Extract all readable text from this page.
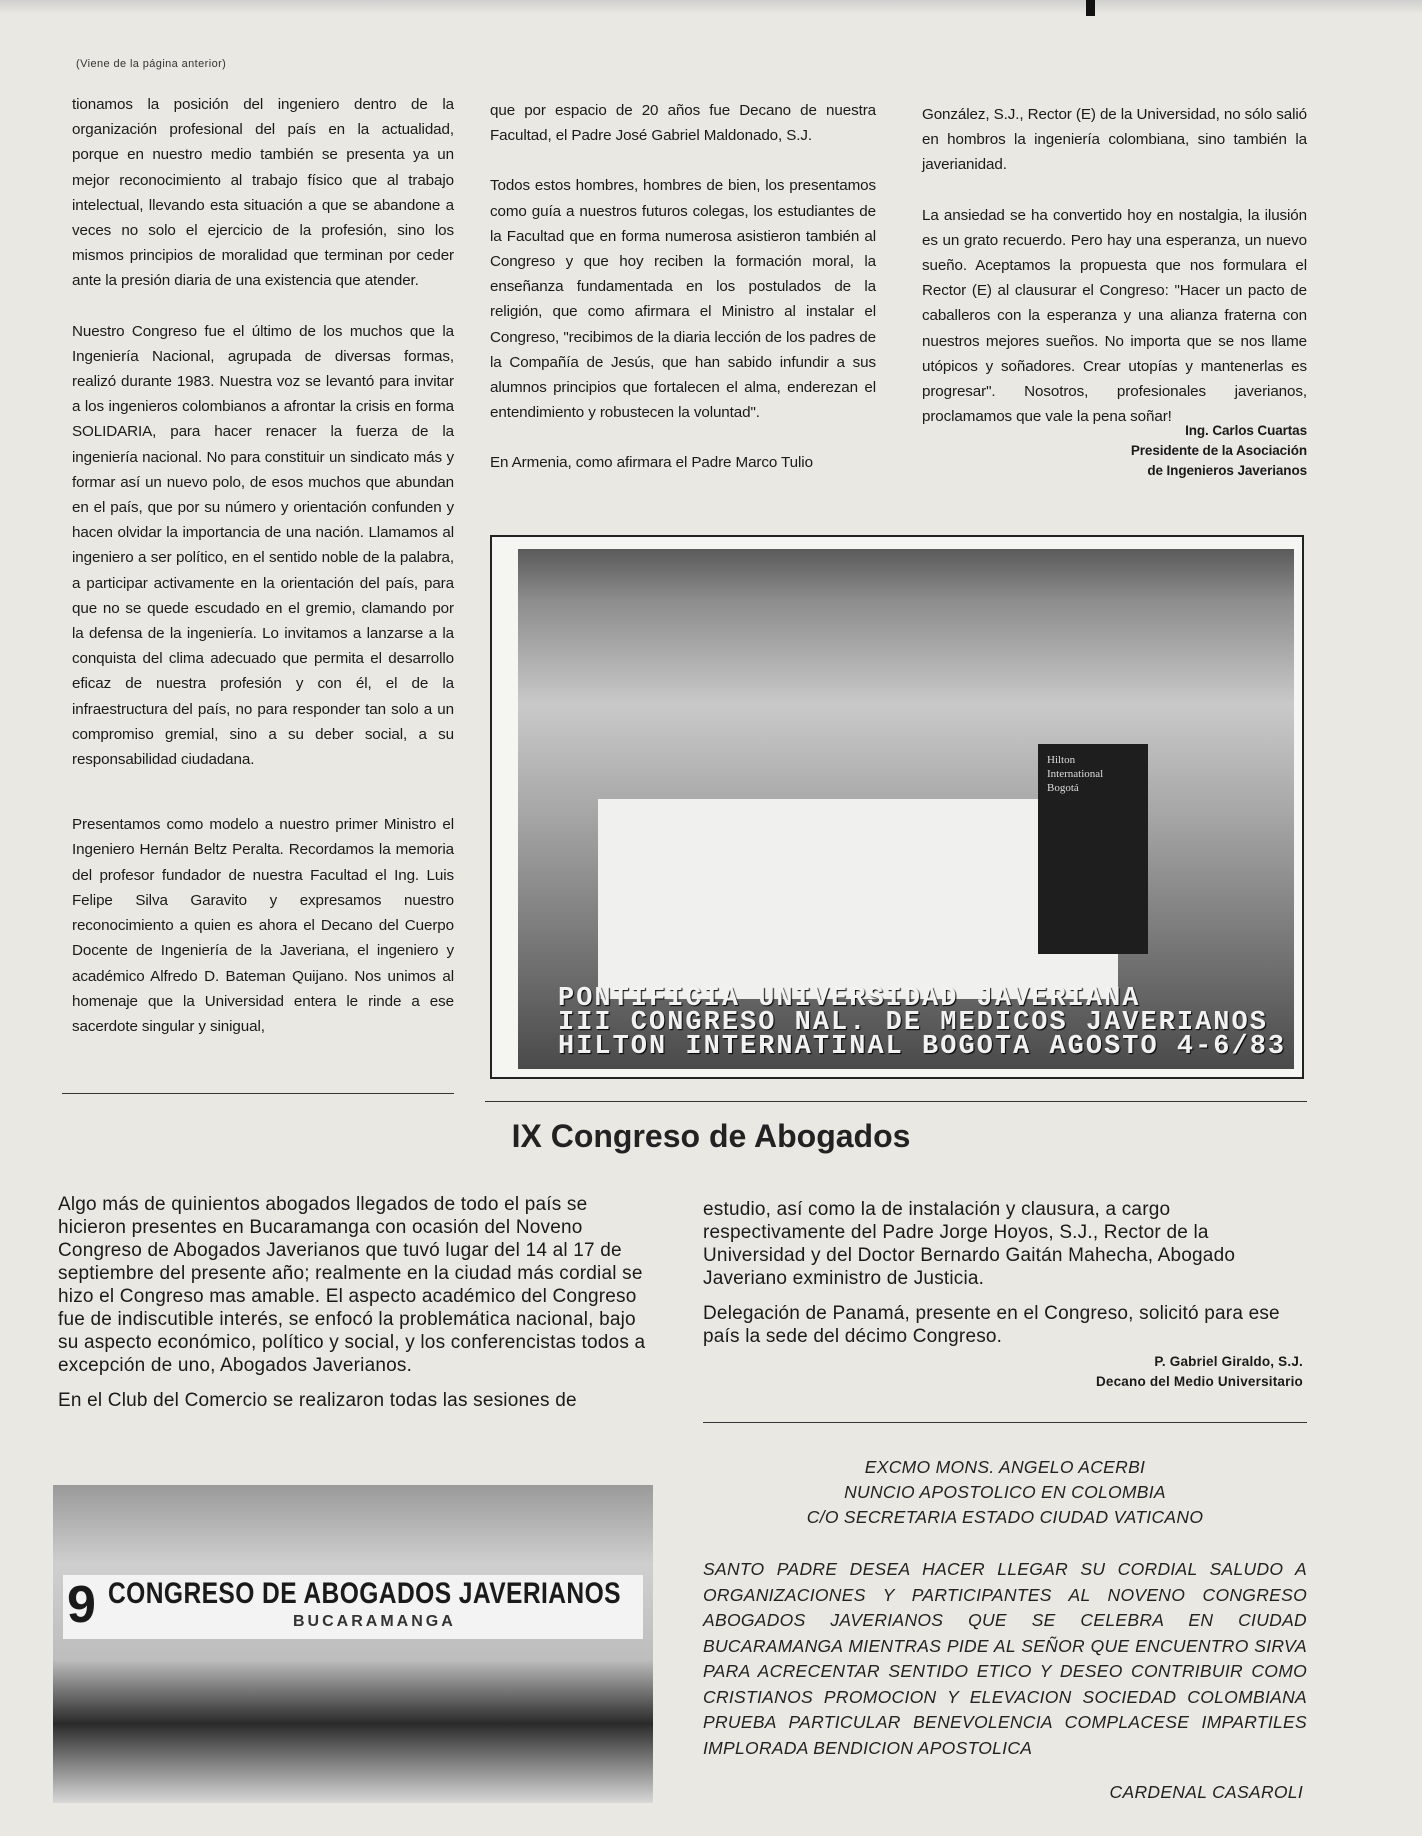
(Viene de la página anterior)

tionamos la posición del ingeniero dentro de la organización profesional del país en la actualidad, porque en nuestro medio también se presenta ya un mejor reconocimiento al trabajo físico que al trabajo intelectual, llevando esta situación a que se abandone a veces no solo el ejercicio de la profesión, sino los mismos principios de moralidad que terminan por ceder ante la presión diaria de una existencia que atender.

Nuestro Congreso fue el último de los muchos que la Ingeniería Nacional, agrupada de diversas formas, realizó durante 1983. Nuestra voz se levantó para invitar a los ingenieros colombianos a afrontar la crisis en forma SOLIDARIA, para hacer renacer la fuerza de la ingeniería nacional. No para constituir un sindicato más y formar así un nuevo polo, de esos muchos que abundan en el país, que por su número y orientación confunden y hacen olvidar la importancia de una nación. Llamamos al ingeniero a ser político, en el sentido noble de la palabra, a participar activamente en la orientación del país, para que no se quede escudado en el gremio, clamando por la defensa de la ingeniería. Lo invitamos a lanzarse a la conquista del clima adecuado que permita el desarrollo eficaz de nuestra profesión y con él, el de la infraestructura del país, no para responder tan solo a un compromiso gremial, sino a su deber social, a su responsabilidad ciudadana.

Presentamos como modelo a nuestro primer Ministro el Ingeniero Hernán Beltz Peralta. Recordamos la memoria del profesor fundador de nuestra Facultad el Ing. Luis Felipe Silva Garavito y expresamos nuestro reconocimiento a quien es ahora el Decano del Cuerpo Docente de Ingeniería de la Javeriana, el ingeniero y académico Alfredo D. Bateman Quijano. Nos unimos al homenaje que la Universidad entera le rinde a ese sacerdote singular y sinigual,

que por espacio de 20 años fue Decano de nuestra Facultad, el Padre José Gabriel Maldonado, S.J.

Todos estos hombres, hombres de bien, los presentamos como guía a nuestros futuros colegas, los estudiantes de la Facultad que en forma numerosa asistieron también al Congreso y que hoy reciben la formación moral, la enseñanza fundamentada en los postulados de la religión, que como afirmara el Ministro al instalar el Congreso, "recibimos de la diaria lección de los padres de la Compañía de Jesús, que han sabido infundir a sus alumnos principios que fortalecen el alma, enderezan el entendimiento y robustecen la voluntad".

En Armenia, como afirmara el Padre Marco Tulio

González, S.J., Rector (E) de la Universidad, no sólo salió en hombros la ingeniería colombiana, sino también la javerianidad.

La ansiedad se ha convertido hoy en nostalgia, la ilusión es un grato recuerdo. Pero hay una esperanza, un nuevo sueño. Aceptamos la propuesta que nos formulara el Rector (E) al clausurar el Congreso: "Hacer un pacto de caballeros con la esperanza y una alianza fraterna con nuestros mejores sueños. No importa que se nos llame utópicos y soñadores. Crear utopías y mantenerlas es progresar". Nosotros, profesionales javerianos, proclamamos que vale la pena soñar!

Ing. Carlos Cuartas
Presidente de la Asociación
de Ingenieros Javerianos
Hilton International Bogotá
PONTIFICIA UNIVERSIDAD JAVERIANA
III CONGRESO NAL. DE MEDICOS JAVERIANOS
HILTON INTERNATINAL BOGOTA AGOSTO 4-6/83
IX Congreso de Abogados

Algo más de quinientos abogados llegados de todo el país se hicieron presentes en Bucaramanga con ocasión del Noveno Congreso de Abogados Javerianos que tuvó lugar del 14 al 17 de septiembre del presente año; realmente en la ciudad más cordial se hizo el Congreso mas amable. El aspecto académico del Congreso fue de indiscutible interés, se enfocó la problemática nacional, bajo su aspecto económico, político y social, y los conferencistas todos a excepción de uno, Abogados Javerianos.

En el Club del Comercio se realizaron todas las sesiones de

estudio, así como la de instalación y clausura, a cargo respectivamente del Padre Jorge Hoyos, S.J., Rector de la Universidad y del Doctor Bernardo Gaitán Mahecha, Abogado Javeriano exministro de Justicia.

Delegación de Panamá, presente en el Congreso, solicitó para ese país la sede del décimo Congreso.

P. Gabriel Giraldo, S.J.
Decano del Medio Universitario
9 CONGRESO DE ABOGADOS JAVERIANOS
BUCARAMANGA
EXCMO MONS. ANGELO ACERBI
NUNCIO APOSTOLICO EN COLOMBIA
C/O SECRETARIA ESTADO CIUDAD VATICANO
SANTO PADRE DESEA HACER LLEGAR SU CORDIAL SALUDO A ORGANIZACIONES Y PARTICIPANTES AL NOVENO CONGRESO ABOGADOS JAVERIANOS QUE SE CELEBRA EN CIUDAD BUCARAMANGA MIENTRAS PIDE AL SEÑOR QUE ENCUENTRO SIRVA PARA ACRECENTAR SENTIDO ETICO Y DESEO CONTRIBUIR COMO CRISTIANOS PROMOCION Y ELEVACION SOCIEDAD COLOMBIANA PRUEBA PARTICULAR BENEVOLENCIA COMPLACESE IMPARTILES IMPLORADA BENDICION APOSTOLICA
CARDENAL CASAROLI
